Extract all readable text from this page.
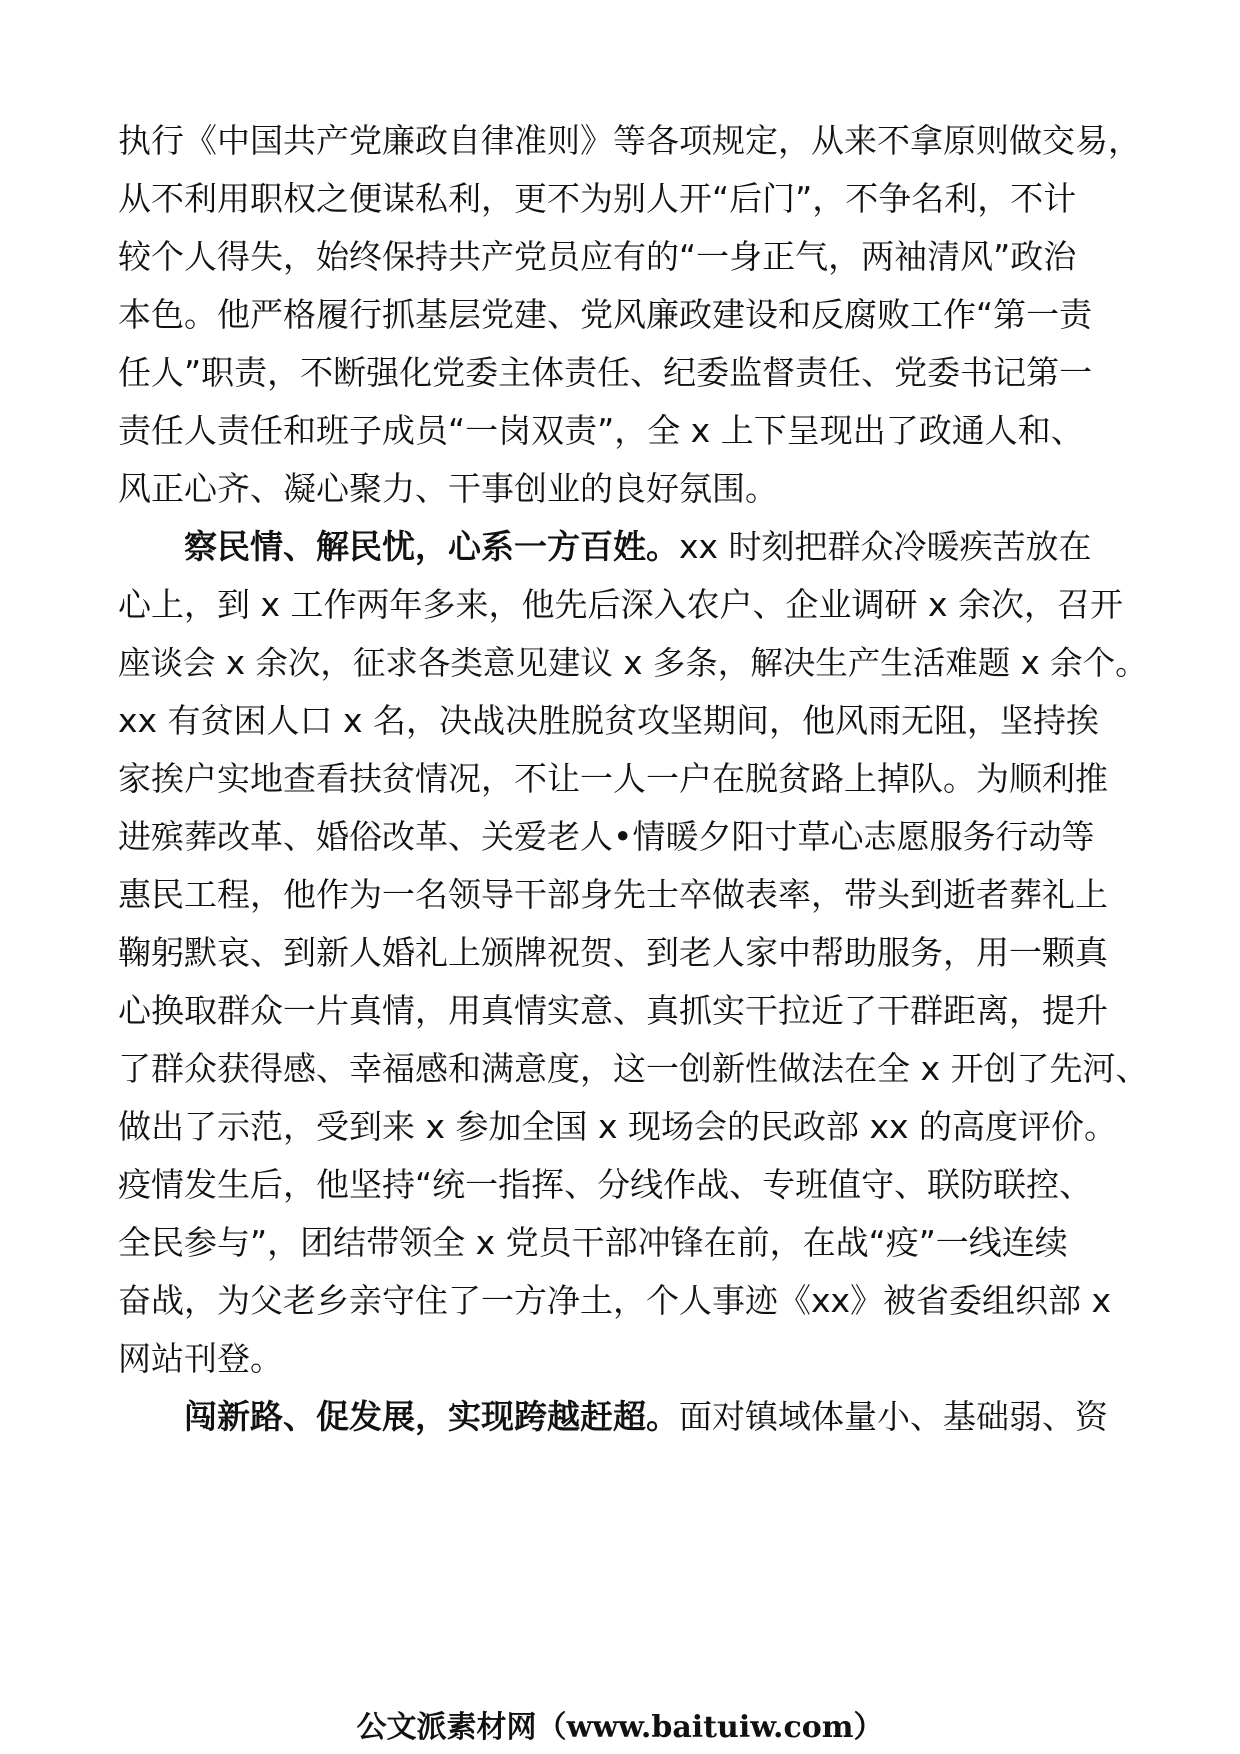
执行《中国共产党廉政自律准则》等各项规定，从来不拿原则做交易，
从不利用职权之便谋私利，更不为别人开“后门”，不争名利，不计
较个人得失，始终保持共产党员应有的“一身正气，两袖清风”政治
本色。他严格履行抓基层党建、党风廉政建设和反腐败工作“第一责
任人”职责，不断强化党委主体责任、纪委监督责任、党委书记第一
责任人责任和班子成员“一岗双责”，全 x 上下呈现出了政通人和、
风正心齐、凝心聚力、干事创业的良好氛围。
察民情、解民忧，心系一方百姓。xx 时刻把群众冷暖疾苦放在
心上，到 x 工作两年多来，他先后深入农户、企业调研 x 余次，召开
座谈会 x 余次，征求各类意见建议 x 多条，解决生产生活难题 x 余个。
xx 有贫困人口 x 名，决战决胜脱贫攻坚期间，他风雨无阻，坚持挨
家挨户实地查看扶贫情况，不让一人一户在脱贫路上掉队。为顺利推
进殡葬改革、婚俗改革、关爱老人•情暖夕阳寸草心志愿服务行动等
惠民工程，他作为一名领导干部身先士卒做表率，带头到逝者葬礼上
鞠躬默哀、到新人婚礼上颁牌祝贺、到老人家中帮助服务，用一颗真
心换取群众一片真情，用真情实意、真抓实干拉近了干群距离，提升
了群众获得感、幸福感和满意度，这一创新性做法在全 x 开创了先河、
做出了示范，受到来 x 参加全国 x 现场会的民政部 xx 的高度评价。
疫情发生后，他坚持“统一指挥、分线作战、专班值守、联防联控、
全民参与”，团结带领全 x 党员干部冲锋在前，在战“疫”一线连续
奋战，为父老乡亲守住了一方净土，个人事迹《xx》被省委组织部 x
网站刊登。
闯新路、促发展，实现跨越赶超。面对镇域体量小、基础弱、资
公文派素材网（www.baituiw.com）
